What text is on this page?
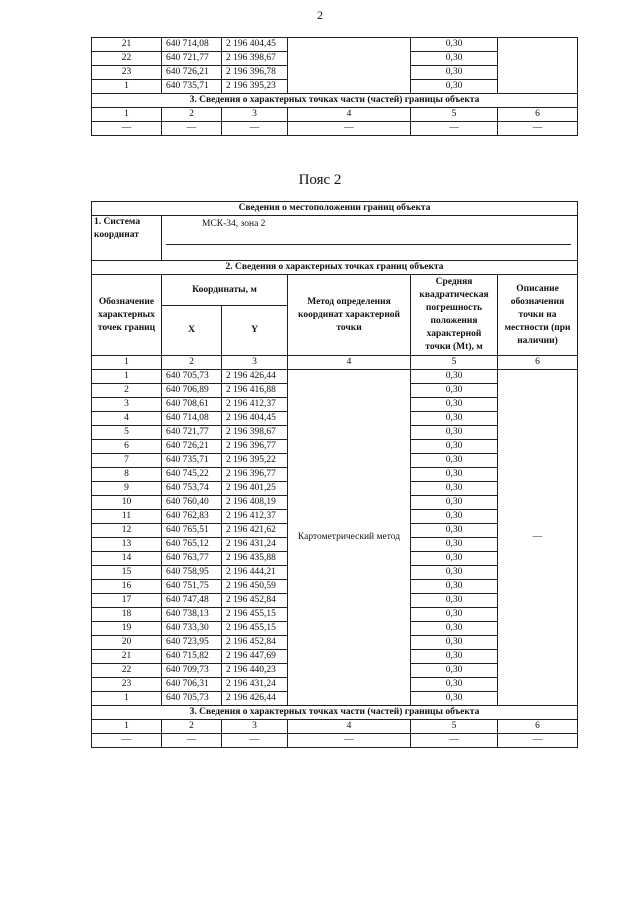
2
21	640 714,08	2 196 404,45		0,30	
22	640 721,77	2 196 398,67		0,30	
23	640 726,21	2 196 396,78		0,30	
1	640 735,71	2 196 395,23		0,30	
3. Сведения о характерных точках части (частей) границы объекта					
1	2	3	4	5	6
—	—	—	—	—	—
Пояс 2
Сведения о местоположении границ объекта					
1. Система координат	МСК-34, зона 2				

2. Сведения о характерных точках границ объекта					
Обозначение характерных точек границ	Координаты, м		Метод определения координат характерной точки	Средняя квадратическая погрешность положения характерной точки (Mt), м	Описание обозначения точки на местности (при наличии)
	X	Y			
1	2	3	4	5	6
1	640 705,73	2 196 426,44	Картометрический метод	0,30	—
2	640 706,89	2 196 416,88		0,30	
3	640 708,61	2 196 412,37		0,30	
4	640 714,08	2 196 404,45		0,30	
5	640 721,77	2 196 398,67		0,30	
6	640 726,21	2 196 396,77		0,30	
7	640 735,71	2 196 395,22		0,30	
8	640 745,22	2 196 396,77		0,30	
9	640 753,74	2 196 401,25		0,30	
10	640 760,40	2 196 408,19		0,30	
11	640 762,83	2 196 412,37		0,30	
12	640 765,51	2 196 421,62		0,30	
13	640 765,12	2 196 431,24		0,30	
14	640 763,77	2 196 435,88		0,30	
15	640 758,95	2 196 444,21		0,30	
16	640 751,75	2 196 450,59		0,30	
17	640 747,48	2 196 452,84		0,30	
18	640 738,13	2 196 455,15		0,30	
19	640 733,30	2 196 455,15		0,30	
20	640 723,95	2 196 452,84		0,30	
21	640 715,82	2 196 447,69		0,30	
22	640 709,73	2 196 440,23		0,30	
23	640 706,31	2 196 431,24		0,30	
1	640 705,73	2 196 426,44		0,30	
3. Сведения о характерных точках части (частей) границы объекта					
1	2	3	4	5	6
—	—	—	—	—	—
